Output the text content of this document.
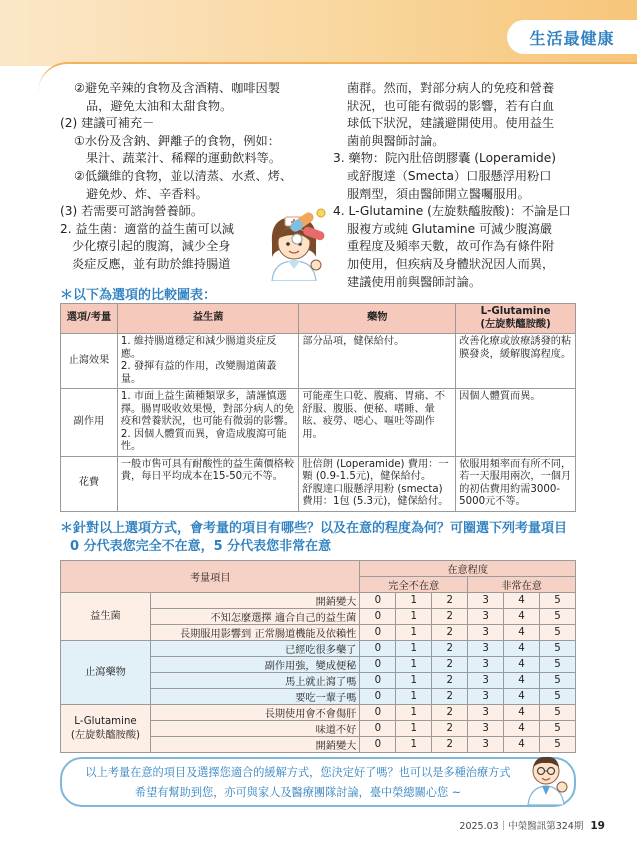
生活最健康

②避免辛辣的食物及含酒精、咖啡因製

品，避免太油和太甜食物。

(2) 建議可補充－

①水份及含鈉、鉀離子的食物，例如：

果汁、蔬菜汁、稀釋的運動飲料等。

②低纖維的食物，並以清蒸、水煮、烤、

避免炒、炸、辛香料。

(3) 若需要可諮詢營養師。

2. 益生菌：適當的益生菌可以減

少化療引起的腹瀉，減少全身

炎症反應，並有助於維持腸道

菌群。然而，對部分病人的免疫和營養

狀況，也可能有微弱的影響，若有白血

球低下狀況，建議避開使用。使用益生

菌前與醫師討論。

3. 藥物：院內肚倍朗膠囊 (Loperamide)

或舒腹達（Smecta）口服懸浮用粉口

服劑型，須由醫師開立醫囑服用。

4. L-Glutamine (左旋麩醯胺酸)：不論是口

服複方或純 Glutamine 可減少腹瀉嚴

重程度及頻率天數，故可作為有條件附

加使用，但疾病及身體狀況因人而異，

建議使用前與醫師討論。

＊以下為選項的比較圖表：
選項/考量	益生菌	藥物	L-Glutamine
(左旋麩醯胺酸)
止瀉效果	1. 維持腸道穩定和減少腸道炎症反應。
2. 發揮有益的作用，改變腸道菌叢量。	部分品項，健保給付。	改善化療或放療誘發的粘膜發炎，緩解腹瀉程度。
副作用	1. 市面上益生菌種類眾多，請謹慎選擇。腸胃吸收效果慢，對部分病人的免疫和營養狀況，也可能有微弱的影響。
2. 因個人體質而異，會造成腹瀉可能性。	可能產生口乾、腹痛、胃痛、不舒服、腹脹、便秘、嗜睡、暈眩、疲勞、噁心、嘔吐等副作用。	因個人體質而異。
花費	一般市售可具有耐酸性的益生菌價格較貴，每日平均成本在15-50元不等。	肚倍朗 (Loperamide) 費用：一顆 (0.9-1.5元)，健保給付。
舒腹達口服懸浮用粉 (smecta) 費用：1包 (5.3元)，健保給付。	依服用頻率而有所不同，若一天服用兩次，一個月的初估費用約需3000-5000元不等。
＊針對以上選項方式，會考量的項目有哪些？以及在意的程度為何？可圈選下列考量項目
0 分代表您完全不在意，5 分代表您非常在意
考量項目		在意程度					
		完全不在意			非常在意		
益生菌	開銷變大	0	1	2	3	4	5
	不知怎麼選擇 適合自己的益生菌	0	1	2	3	4	5
	長期服用影響到 正常腸道機能及依賴性	0	1	2	3	4	5
止瀉藥物	已經吃很多藥了	0	1	2	3	4	5
	副作用強，變成便秘	0	1	2	3	4	5
	馬上就止瀉了嗎	0	1	2	3	4	5
	要吃一輩子嗎	0	1	2	3	4	5
L-Glutamine
(左旋麩醯胺酸)	長期使用會不會傷肝	0	1	2	3	4	5
	味道不好	0	1	2	3	4	5
	開銷變大	0	1	2	3	4	5

以上考量在意的項目及選擇您適合的緩解方式，您決定好了嗎？也可以是多種治療方式

希望有幫助到您，亦可與家人及醫療團隊討論，臺中榮總關心您 ~

2025.03｜中榮醫訊第324期 19
